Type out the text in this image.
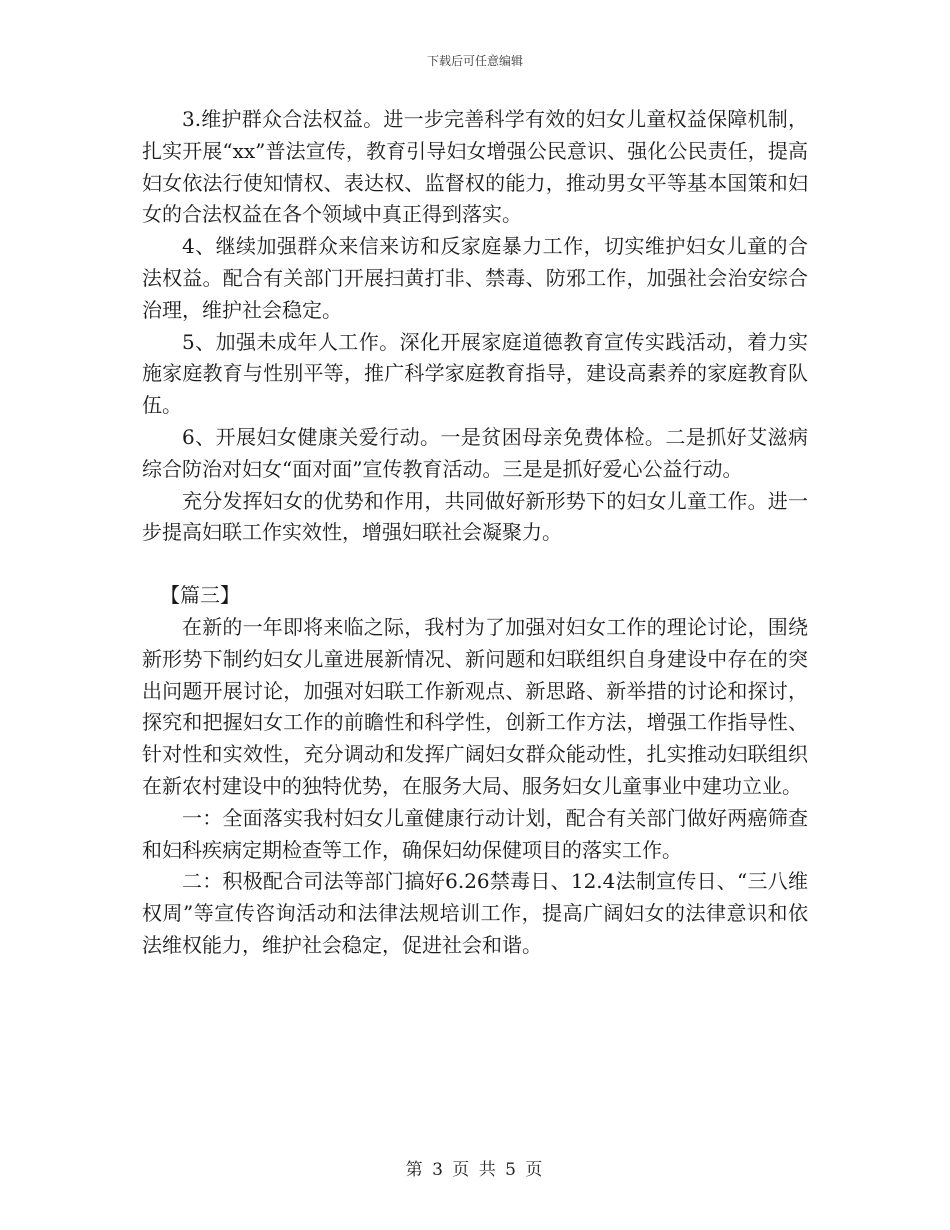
下载后可任意编辑

3.维护群众合法权益。进一步完善科学有效的妇女儿童权益保障机制，扎实开展“xx”普法宣传，教育引导妇女增强公民意识、强化公民责任，提高妇女依法行使知情权、表达权、监督权的能力，推动男女平等基本国策和妇女的合法权益在各个领域中真正得到落实。

4、继续加强群众来信来访和反家庭暴力工作，切实维护妇女儿童的合法权益。配合有关部门开展扫黄打非、禁毒、防邪工作，加强社会治安综合治理，维护社会稳定。

5、加强未成年人工作。深化开展家庭道德教育宣传实践活动，着力实施家庭教育与性别平等，推广科学家庭教育指导，建设高素养的家庭教育队伍。

6、开展妇女健康关爱行动。一是贫困母亲免费体检。二是抓好艾滋病综合防治对妇女“面对面”宣传教育活动。三是是抓好爱心公益行动。

充分发挥妇女的优势和作用，共同做好新形势下的妇女儿童工作。进一步提高妇联工作实效性，增强妇联社会凝聚力。

【篇三】

在新的一年即将来临之际，我村为了加强对妇女工作的理论讨论，围绕新形势下制约妇女儿童进展新情况、新问题和妇联组织自身建设中存在的突出问题开展讨论，加强对妇联工作新观点、新思路、新举措的讨论和探讨，探究和把握妇女工作的前瞻性和科学性，创新工作方法，增强工作指导性、针对性和实效性，充分调动和发挥广阔妇女群众能动性，扎实推动妇联组织在新农村建设中的独特优势，在服务大局、服务妇女儿童事业中建功立业。

一：全面落实我村妇女儿童健康行动计划，配合有关部门做好两癌筛查和妇科疾病定期检查等工作，确保妇幼保健项目的落实工作。

二：积极配合司法等部门搞好6.26禁毒日、12.4法制宣传日、“三八维权周”等宣传咨询活动和法律法规培训工作，提高广阔妇女的法律意识和依法维权能力，维护社会稳定，促进社会和谐。

第 3 页 共 5 页
